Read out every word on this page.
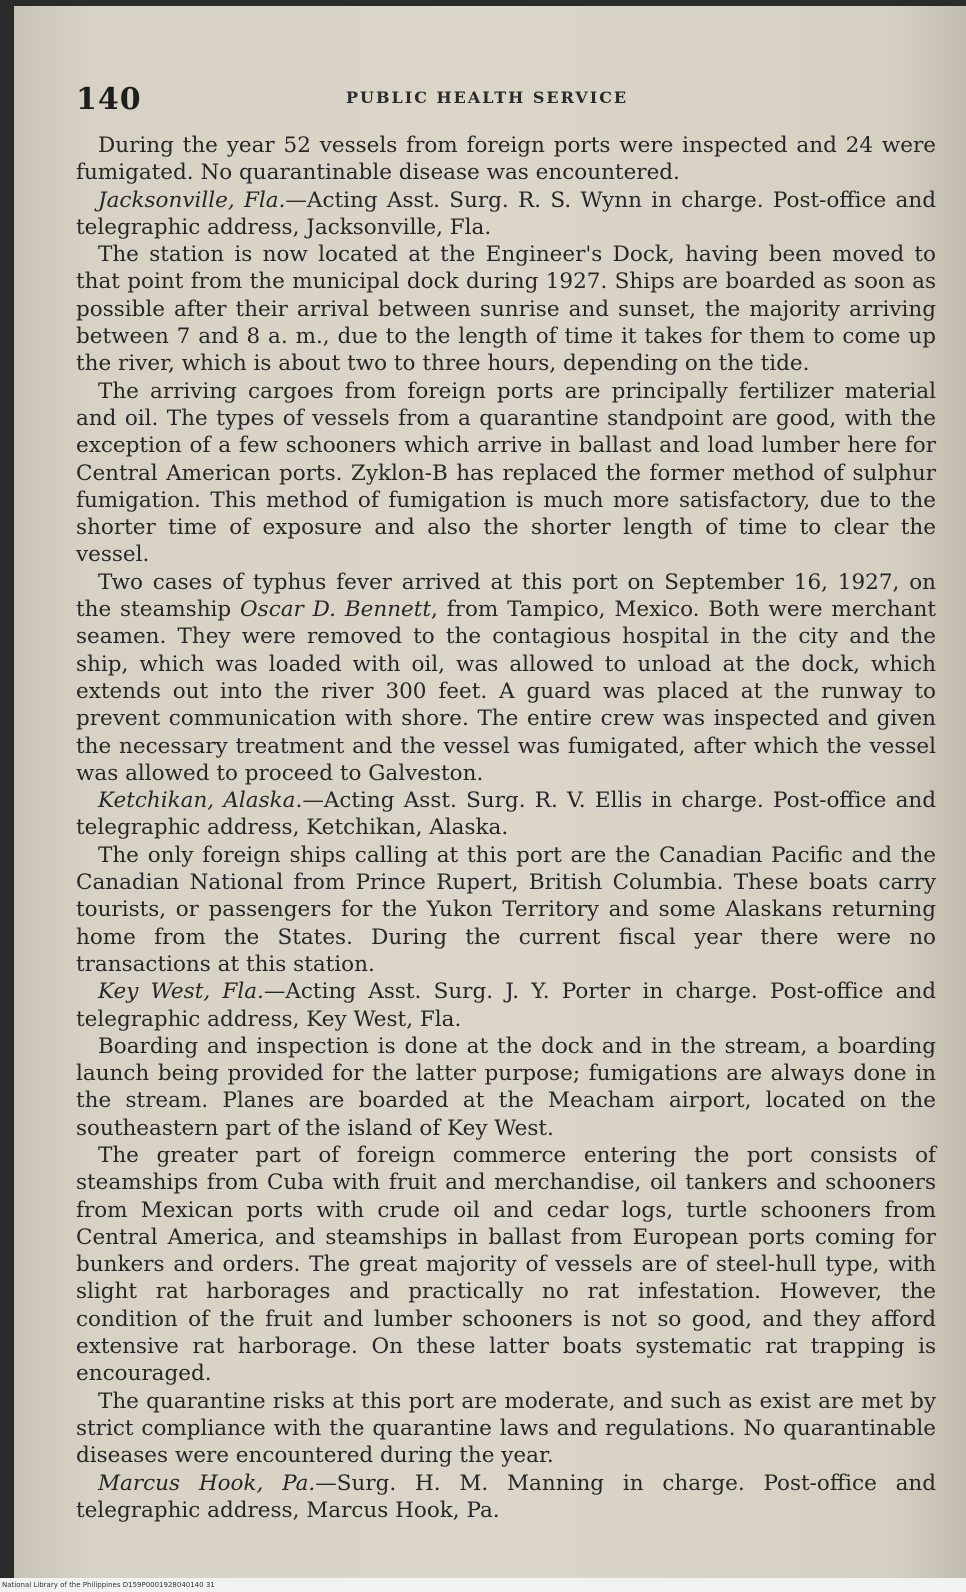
140	PUBLIC HEALTH SERVICE

During the year 52 vessels from foreign ports were inspected and 24 were fumigated. No quarantinable disease was encountered.

Jacksonville, Fla.—Acting Asst. Surg. R. S. Wynn in charge. Post-office and telegraphic address, Jacksonville, Fla.

The station is now located at the Engineer's Dock, having been moved to that point from the municipal dock during 1927. Ships are boarded as soon as possible after their arrival between sunrise and sunset, the majority arriving between 7 and 8 a. m., due to the length of time it takes for them to come up the river, which is about two to three hours, depending on the tide.

The arriving cargoes from foreign ports are principally fertilizer material and oil. The types of vessels from a quarantine standpoint are good, with the exception of a few schooners which arrive in ballast and load lumber here for Central American ports. Zyklon-B has replaced the former method of sulphur fumigation. This method of fumigation is much more satisfactory, due to the shorter time of exposure and also the shorter length of time to clear the vessel.

Two cases of typhus fever arrived at this port on September 16, 1927, on the steamship Oscar D. Bennett, from Tampico, Mexico. Both were merchant seamen. They were removed to the contagious hospital in the city and the ship, which was loaded with oil, was allowed to unload at the dock, which extends out into the river 300 feet. A guard was placed at the runway to prevent communication with shore. The entire crew was inspected and given the necessary treatment and the vessel was fumigated, after which the vessel was allowed to proceed to Galveston.

Ketchikan, Alaska.—Acting Asst. Surg. R. V. Ellis in charge. Post-office and telegraphic address, Ketchikan, Alaska.

The only foreign ships calling at this port are the Canadian Pacific and the Canadian National from Prince Rupert, British Columbia. These boats carry tourists, or passengers for the Yukon Territory and some Alaskans returning home from the States. During the current fiscal year there were no transactions at this station.

Key West, Fla.—Acting Asst. Surg. J. Y. Porter in charge. Post-office and telegraphic address, Key West, Fla.

Boarding and inspection is done at the dock and in the stream, a boarding launch being provided for the latter purpose; fumigations are always done in the stream. Planes are boarded at the Meacham airport, located on the southeastern part of the island of Key West.

The greater part of foreign commerce entering the port consists of steamships from Cuba with fruit and merchandise, oil tankers and schooners from Mexican ports with crude oil and cedar logs, turtle schooners from Central America, and steamships in ballast from European ports coming for bunkers and orders. The great majority of vessels are of steel-hull type, with slight rat harborages and practically no rat infestation. However, the condition of the fruit and lumber schooners is not so good, and they afford extensive rat harborage. On these latter boats systematic rat trapping is encouraged.

The quarantine risks at this port are moderate, and such as exist are met by strict compliance with the quarantine laws and regulations. No quarantinable diseases were encountered during the year.

Marcus Hook, Pa.—Surg. H. M. Manning in charge. Post-office and telegraphic address, Marcus Hook, Pa.

National Library of the Philippines D159P0001928040140 31
